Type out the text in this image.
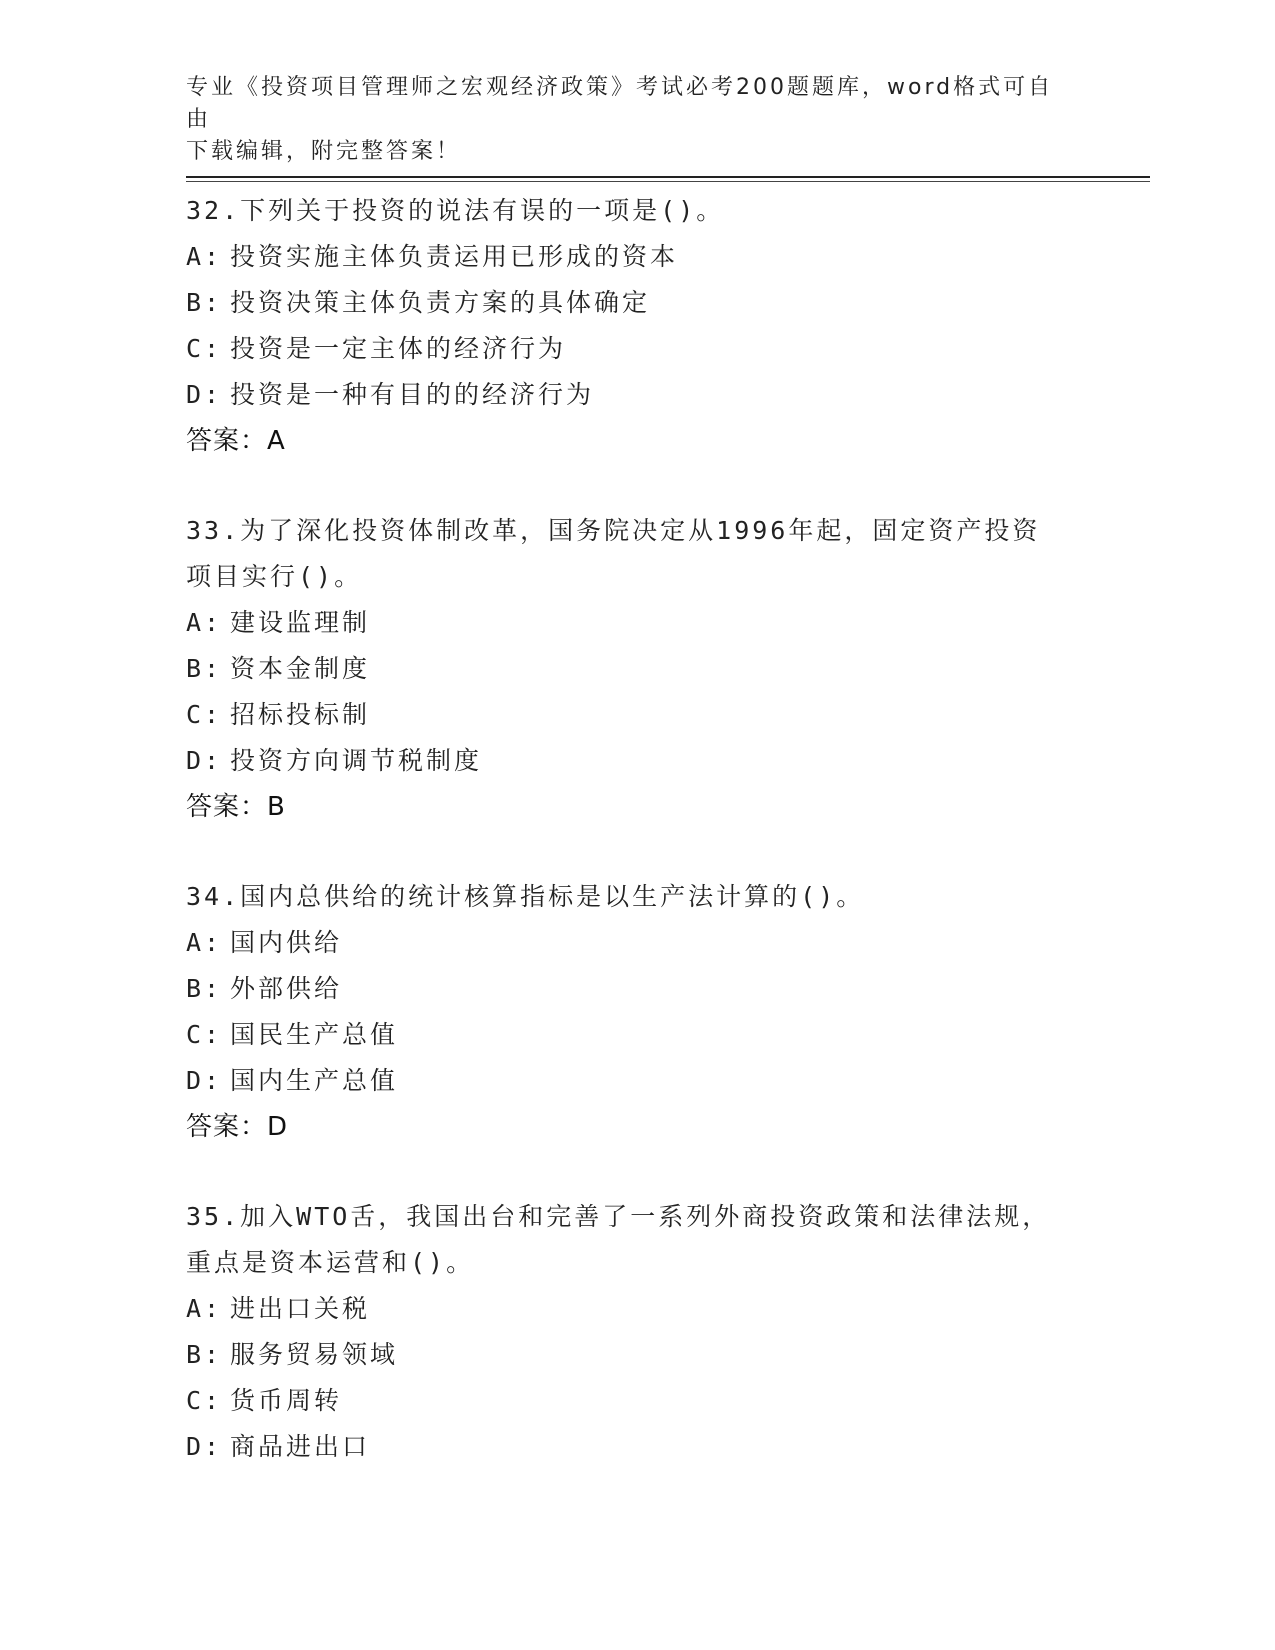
专业《投资项目管理师之宏观经济政策》考试必考200题题库，word格式可自由
下载编辑，附完整答案！
32.下列关于投资的说法有误的一项是()。
A: 投资实施主体负责运用已形成的资本
B: 投资决策主体负责方案的具体确定
C: 投资是一定主体的经济行为
D: 投资是一种有目的的经济行为
答案：A
33.为了深化投资体制改革，国务院决定从1996年起，固定资产投资
项目实行()。
A: 建设监理制
B: 资本金制度
C: 招标投标制
D: 投资方向调节税制度
答案：B
34.国内总供给的统计核算指标是以生产法计算的()。
A: 国内供给
B: 外部供给
C: 国民生产总值
D: 国内生产总值
答案：D
35.加入WTO舌，我国出台和完善了一系列外商投资政策和法律法规，
重点是资本运营和()。
A: 进出口关税
B: 服务贸易领域
C: 货币周转
D: 商品进出口
